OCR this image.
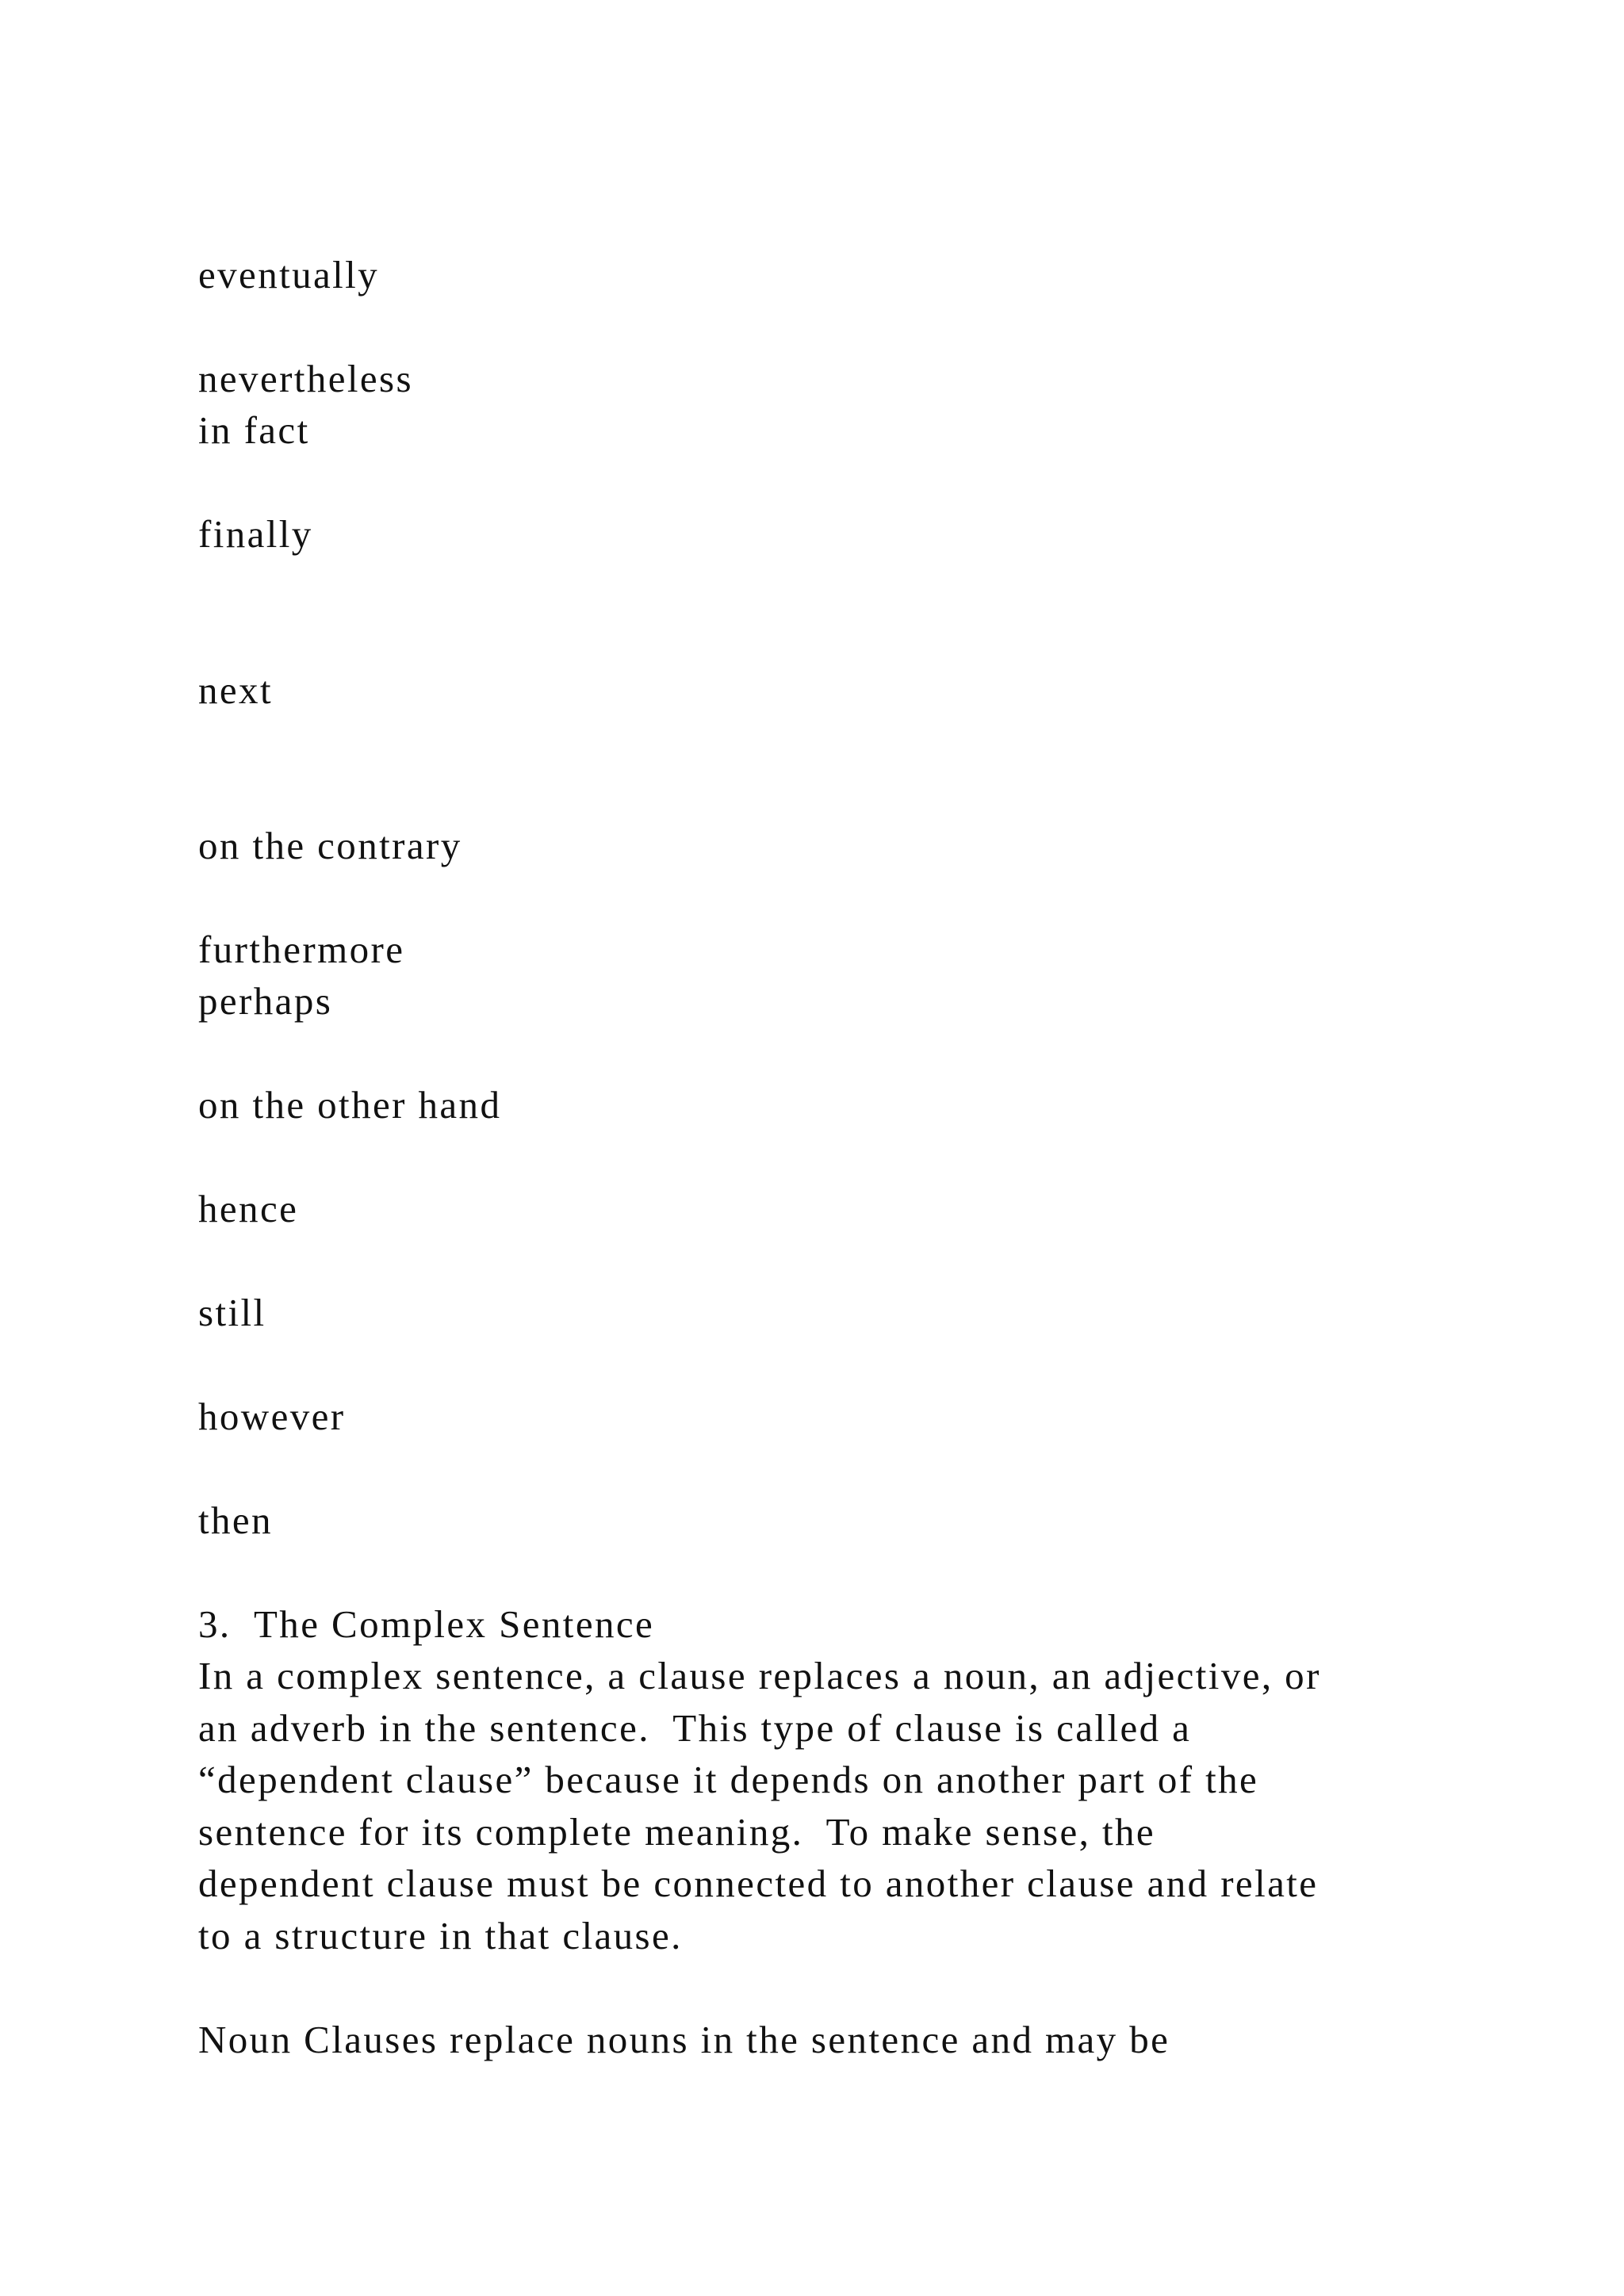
eventually
nevertheless
in fact
finally
next
on the contrary
furthermore
perhaps
on the other hand
hence
still
however
then
3.  The Complex Sentence
In a complex sentence, a clause replaces a noun, an adjective, or
an adverb in the sentence.  This type of clause is called a
“dependent clause” because it depends on another part of the
sentence for its complete meaning.  To make sense, the
dependent clause must be connected to another clause and relate
to a structure in that clause.
Noun Clauses replace nouns in the sentence and may be
